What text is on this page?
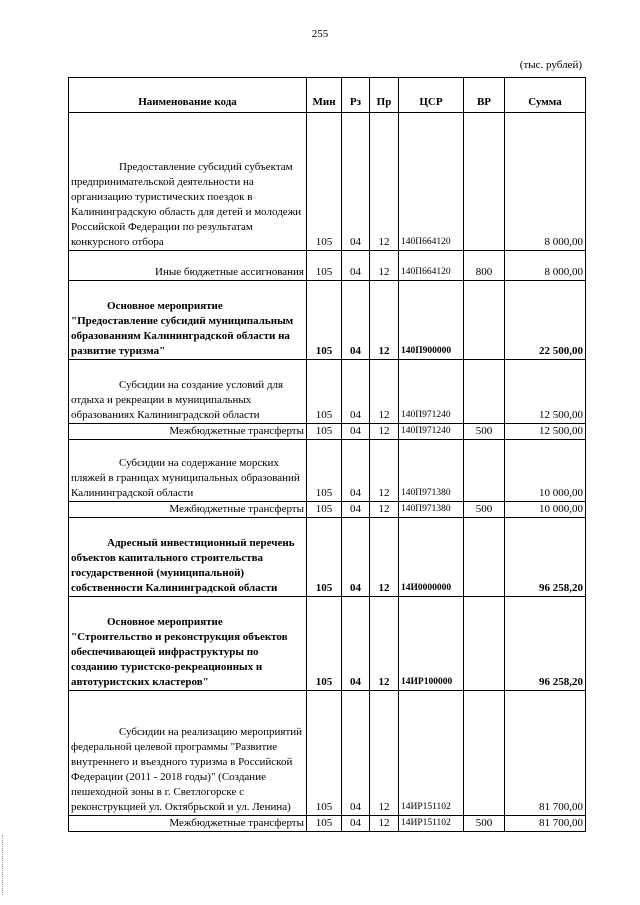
255
(тыс. рублей)
Наименование кода	Мин	Рз	Пр	ЦСР	ВР	Сумма
Предоставление субсидий субъектам предпринимательской деятельности на организацию туристических поездок в Калининградскую область для детей и молодежи Российской Федерации по результатам конкурсного отбора	105	04	12	140П664120		8 000,00
Иные бюджетные ассигнования	105	04	12	140П664120	800	8 000,00
Основное мероприятие "Предоставление субсидий муниципальным образованиям Калининградской области на развитие туризма"	105	04	12	140П900000		22 500,00
Субсидии на создание условий для отдыха и рекреации в муниципальных образованиях Калининградской области	105	04	12	140П971240		12 500,00
Межбюджетные трансферты	105	04	12	140П971240	500	12 500,00
Субсидии на содержание морских пляжей в границах муниципальных образований Калининградской области	105	04	12	140П971380		10 000,00
Межбюджетные трансферты	105	04	12	140П971380	500	10 000,00
Адресный инвестиционный перечень объектов капитального строительства государственной (муниципальной) собственности Калининградской области	105	04	12	14И0000000		96 258,20
Основное мероприятие "Строительство и реконструкция объектов обеспечивающей инфраструктуры по созданию туристско-рекреационных и автотуристских кластеров"	105	04	12	14ИР100000		96 258,20
Субсидии на реализацию мероприятий федеральной целевой программы "Развитие внутреннего и въездного туризма в Российской Федерации (2011 - 2018 годы)" (Создание пешеходной зоны в г. Светлогорске с реконструкцией ул. Октябрьской и ул. Ленина)	105	04	12	14ИР151102		81 700,00
Межбюджетные трансферты	105	04	12	14ИР151102	500	81 700,00
